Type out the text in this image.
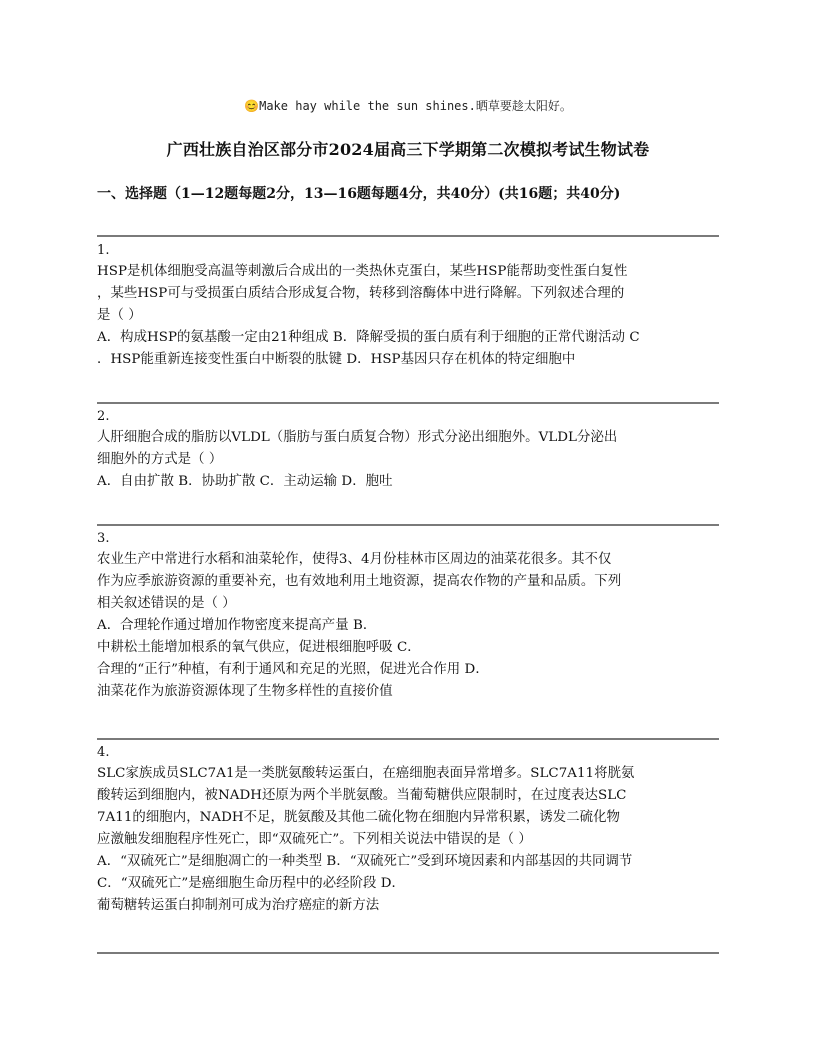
😊Make hay while the sun shines.晒草要趁太阳好。
广西壮族自治区部分市2024届高三下学期第二次模拟考试生物试卷
一、选择题（1—12题每题2分，13—16题每题4分，共40分）(共16题；共40分)
1.
HSP是机体细胞受高温等刺激后合成出的一类热休克蛋白，某些HSP能帮助变性蛋白复性
，某些HSP可与受损蛋白质结合形成复合物，转移到溶酶体中进行降解。下列叙述合理的
是（ ）
A．构成HSP的氨基酸一定由21种组成 B．降解受损的蛋白质有利于细胞的正常代谢活动 C
．HSP能重新连接变性蛋白中断裂的肽键 D．HSP基因只存在机体的特定细胞中
2.
人肝细胞合成的脂肪以VLDL（脂肪与蛋白质复合物）形式分泌出细胞外。VLDL分泌出
细胞外的方式是（ ）
A．自由扩散 B．协助扩散 C．主动运输 D．胞吐
3.
农业生产中常进行水稻和油菜轮作，使得3、4月份桂林市区周边的油菜花很多。其不仅
作为应季旅游资源的重要补充，也有效地利用土地资源，提高农作物的产量和品质。下列
相关叙述错误的是（ ）
A．合理轮作通过增加作物密度来提高产量 B．
中耕松土能增加根系的氧气供应，促进根细胞呼吸 C．
合理的“正行”种植，有利于通风和充足的光照，促进光合作用 D．
油菜花作为旅游资源体现了生物多样性的直接价值
4.
SLC家族成员SLC7A1是一类胱氨酸转运蛋白，在癌细胞表面异常增多。SLC7A11将胱氨
酸转运到细胞内，被NADH还原为两个半胱氨酸。当葡萄糖供应限制时，在过度表达SLC
7A11的细胞内，NADH不足，胱氨酸及其他二硫化物在细胞内异常积累，诱发二硫化物
应激触发细胞程序性死亡，即“双硫死亡”。下列相关说法中错误的是（ ）
A．“双硫死亡”是细胞凋亡的一种类型 B．“双硫死亡”受到环境因素和内部基因的共同调节
C．“双硫死亡”是癌细胞生命历程中的必经阶段 D．
葡萄糖转运蛋白抑制剂可成为治疗癌症的新方法
